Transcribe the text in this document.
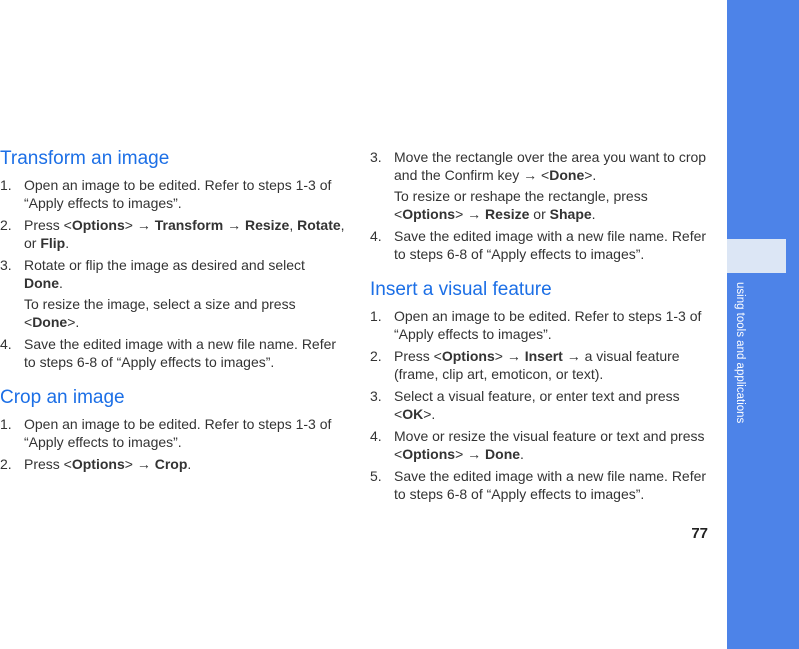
using tools and applications
Transform an image
1. Open an image to be edited. Refer to steps 1-3 of “Apply effects to images”.
2. Press <Options> → Transform → Resize, Rotate, or Flip.
3. Rotate or flip the image as desired and select Done.
To resize the image, select a size and press <Done>.
4. Save the edited image with a new file name. Refer to steps 6-8 of “Apply effects to images”.
Crop an image
1. Open an image to be edited. Refer to steps 1-3 of “Apply effects to images”.
2. Press <Options> → Crop.
3. Move the rectangle over the area you want to crop and the Confirm key → <Done>.
To resize or reshape the rectangle, press <Options> → Resize or Shape.
4. Save the edited image with a new file name. Refer to steps 6-8 of “Apply effects to images”.
Insert a visual feature
1. Open an image to be edited. Refer to steps 1-3 of “Apply effects to images”.
2. Press <Options> → Insert → a visual feature (frame, clip art, emoticon, or text).
3. Select a visual feature, or enter text and press <OK>.
4. Move or resize the visual feature or text and press <Options> → Done.
5. Save the edited image with a new file name. Refer to steps 6-8 of “Apply effects to images”.
77
